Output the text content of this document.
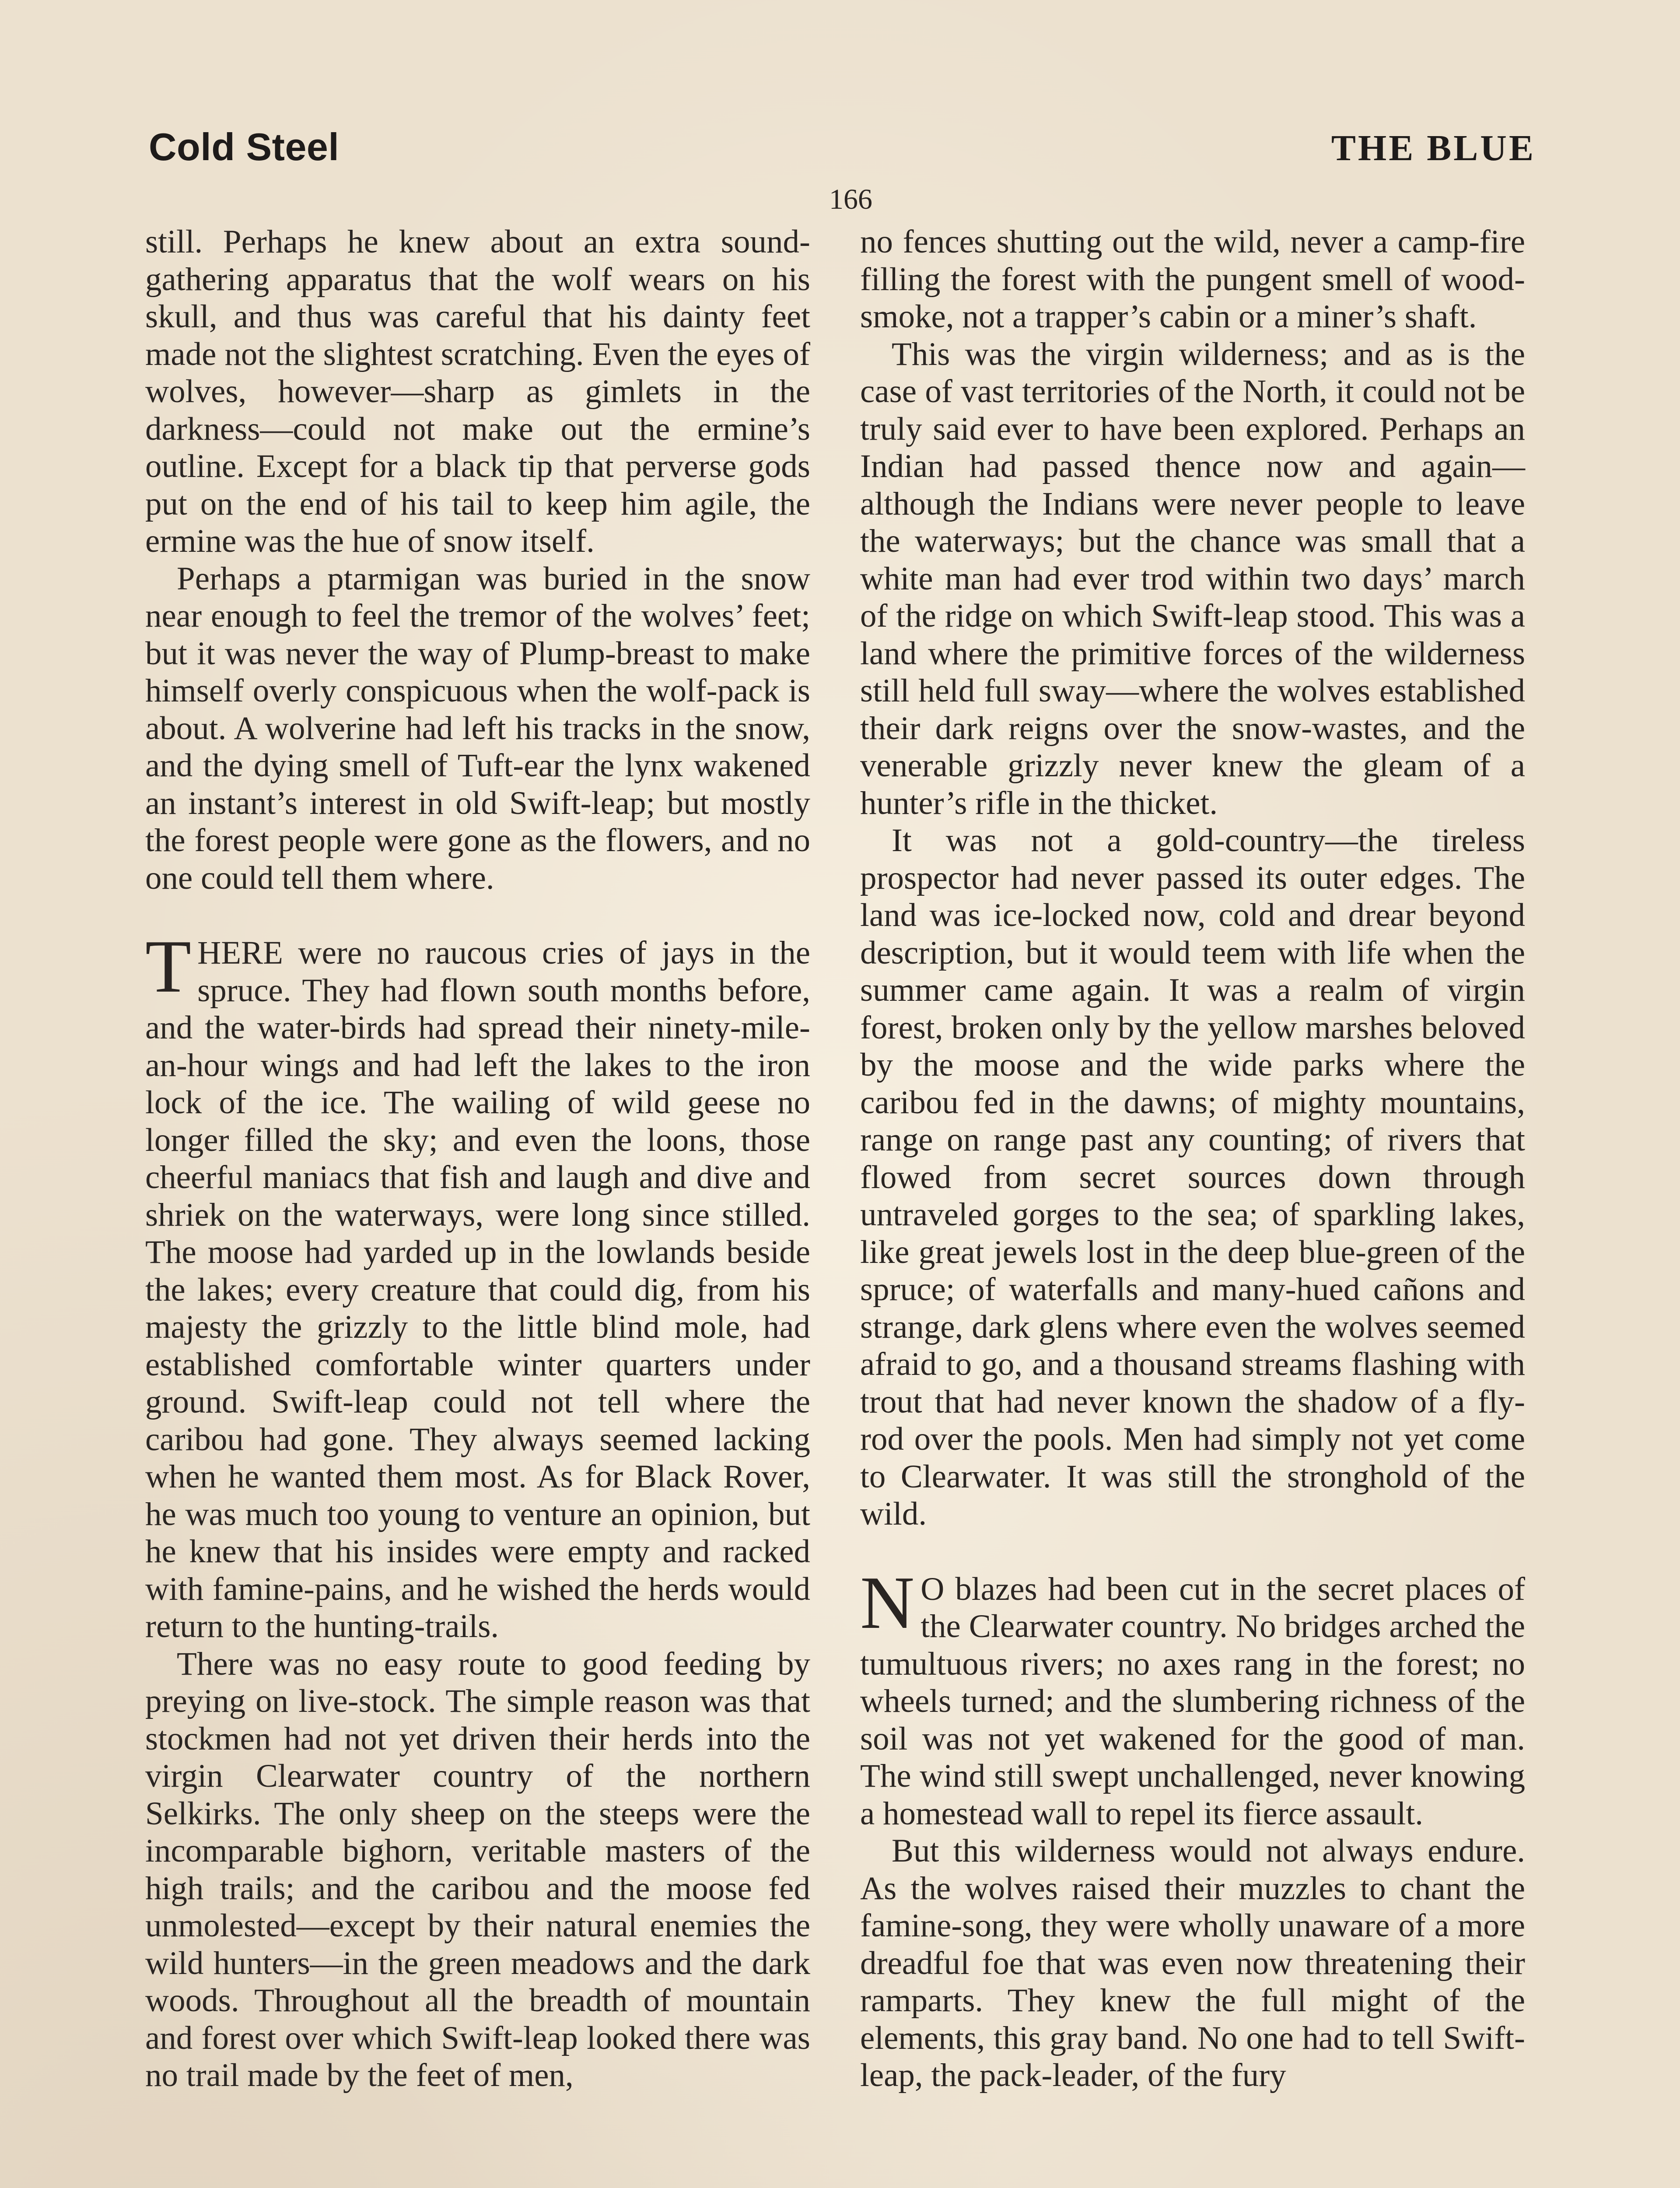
Cold Steel	THE BLUE
166

still. Perhaps he knew about an extra sound-gathering apparatus that the wolf wears on his skull, and thus was careful that his dainty feet made not the slightest scratching. Even the eyes of wolves, however—sharp as gimlets in the darkness—could not make out the ermine’s outline. Except for a black tip that perverse gods put on the end of his tail to keep him agile, the ermine was the hue of snow itself.

Perhaps a ptarmigan was buried in the snow near enough to feel the tremor of the wolves’ feet; but it was never the way of Plump-breast to make himself overly conspicuous when the wolf-pack is about. A wolverine had left his tracks in the snow, and the dying smell of Tuft-ear the lynx wakened an instant’s interest in old Swift-leap; but mostly the forest people were gone as the flowers, and no one could tell them where.

THERE were no raucous cries of jays in the spruce. They had flown south months before, and the water-birds had spread their ninety-mile-an-hour wings and had left the lakes to the iron lock of the ice. The wailing of wild geese no longer filled the sky; and even the loons, those cheerful maniacs that fish and laugh and dive and shriek on the waterways, were long since stilled. The moose had yarded up in the lowlands beside the lakes; every creature that could dig, from his majesty the grizzly to the little blind mole, had established comfortable winter quarters under ground. Swift-leap could not tell where the caribou had gone. They always seemed lacking when he wanted them most. As for Black Rover, he was much too young to venture an opinion, but he knew that his insides were empty and racked with famine-pains, and he wished the herds would return to the hunting-trails.

There was no easy route to good feeding by preying on live-stock. The simple reason was that stockmen had not yet driven their herds into the virgin Clearwater country of the northern Selkirks. The only sheep on the steeps were the incomparable bighorn, veritable masters of the high trails; and the caribou and the moose fed unmolested—except by their natural enemies the wild hunters—in the green meadows and the dark woods. Throughout all the breadth of mountain and forest over which Swift-leap looked there was no trail made by the feet of men,

no fences shutting out the wild, never a camp-fire filling the forest with the pungent smell of wood-smoke, not a trapper’s cabin or a miner’s shaft.

This was the virgin wilderness; and as is the case of vast territories of the North, it could not be truly said ever to have been explored. Perhaps an Indian had passed thence now and again—although the Indians were never people to leave the waterways; but the chance was small that a white man had ever trod within two days’ march of the ridge on which Swift-leap stood. This was a land where the primitive forces of the wilderness still held full sway—where the wolves established their dark reigns over the snow-wastes, and the venerable grizzly never knew the gleam of a hunter’s rifle in the thicket.

It was not a gold-country—the tireless prospector had never passed its outer edges. The land was ice-locked now, cold and drear beyond description, but it would teem with life when the summer came again. It was a realm of virgin forest, broken only by the yellow marshes beloved by the moose and the wide parks where the caribou fed in the dawns; of mighty mountains, range on range past any counting; of rivers that flowed from secret sources down through untraveled gorges to the sea; of sparkling lakes, like great jewels lost in the deep blue-green of the spruce; of waterfalls and many-hued cañons and strange, dark glens where even the wolves seemed afraid to go, and a thousand streams flashing with trout that had never known the shadow of a fly-rod over the pools. Men had simply not yet come to Clearwater. It was still the stronghold of the wild.

N O blazes had been cut in the secret places of the Clearwater country. No bridges arched the tumultuous rivers; no axes rang in the forest; no wheels turned; and the slumbering richness of the soil was not yet wakened for the good of man. The wind still swept unchallenged, never knowing a homestead wall to repel its fierce assault.

But this wilderness would not always endure. As the wolves raised their muzzles to chant the famine-song, they were wholly unaware of a more dreadful foe that was even now threatening their ramparts. They knew the full might of the elements, this gray band. No one had to tell Swift-leap, the pack-leader, of the fury
